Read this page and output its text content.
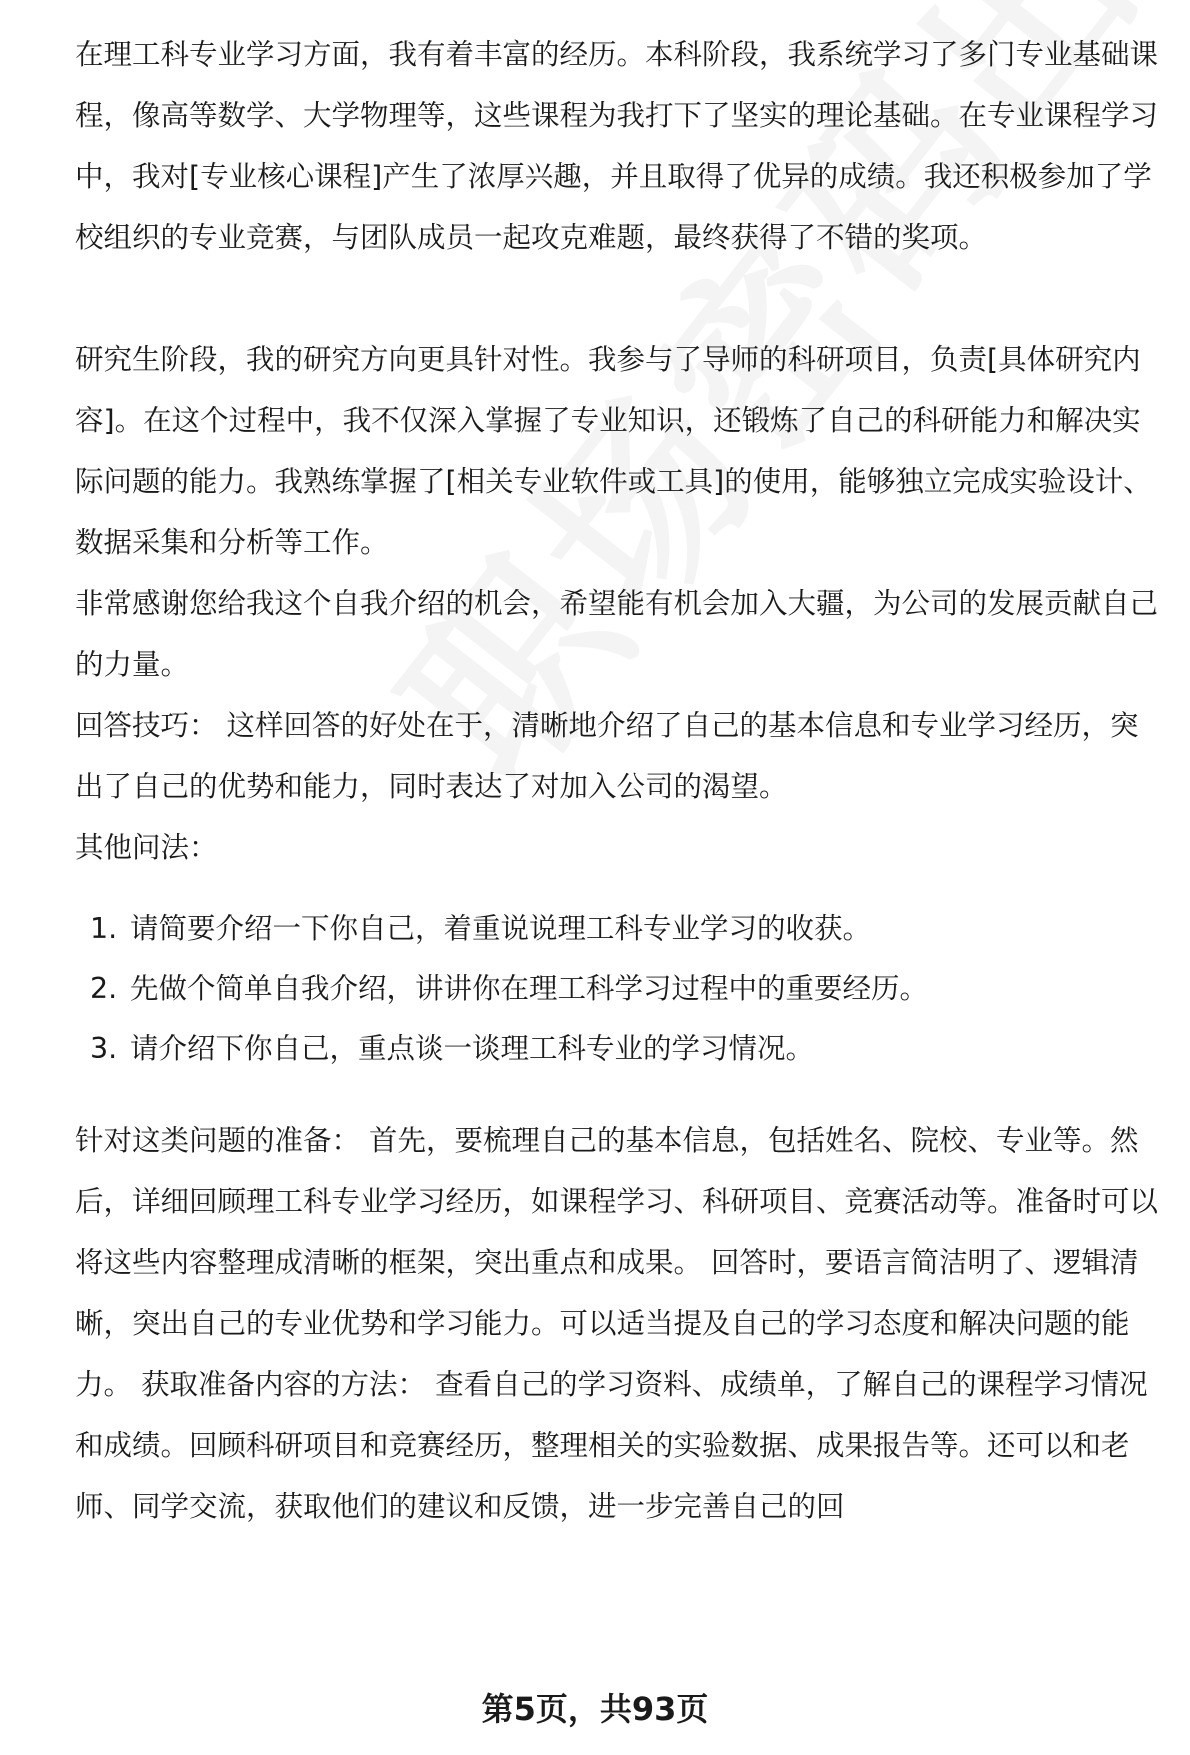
在理工科专业学习方面，我有着丰富的经历。本科阶段，我系统学习了多门专业基础课程，像高等数学、大学物理等，这些课程为我打下了坚实的理论基础。在专业课程学习中，我对[专业核心课程]产生了浓厚兴趣，并且取得了优异的成绩。我还积极参加了学校组织的专业竞赛，与团队成员一起攻克难题，最终获得了不错的奖项。

研究生阶段，我的研究方向更具针对性。我参与了导师的科研项目，负责[具体研究内容]。在这个过程中，我不仅深入掌握了专业知识，还锻炼了自己的科研能力和解决实际问题的能力。我熟练掌握了[相关专业软件或工具]的使用，能够独立完成实验设计、数据采集和分析等工作。

非常感谢您给我这个自我介绍的机会，希望能有机会加入大疆，为公司的发展贡献自己的力量。

回答技巧： 这样回答的好处在于，清晰地介绍了自己的基本信息和专业学习经历，突出了自己的优势和能力，同时表达了对加入公司的渴望。

其他问法：

1. 请简要介绍一下你自己，着重说说理工科专业学习的收获。
2. 先做个简单自我介绍，讲讲你在理工科学习过程中的重要经历。
3. 请介绍下你自己，重点谈一谈理工科专业的学习情况。

针对这类问题的准备： 首先，要梳理自己的基本信息，包括姓名、院校、专业等。然后，详细回顾理工科专业学习经历，如课程学习、科研项目、竞赛活动等。准备时可以将这些内容整理成清晰的框架，突出重点和成果。 回答时，要语言简洁明了、逻辑清晰，突出自己的专业优势和学习能力。可以适当提及自己的学习态度和解决问题的能力。 获取准备内容的方法： 查看自己的学习资料、成绩单，了解自己的课程学习情况和成绩。回顾科研项目和竞赛经历，整理相关的实验数据、成果报告等。还可以和老师、同学交流，获取他们的建议和反馈，进一步完善自己的回

第5页，共93页
